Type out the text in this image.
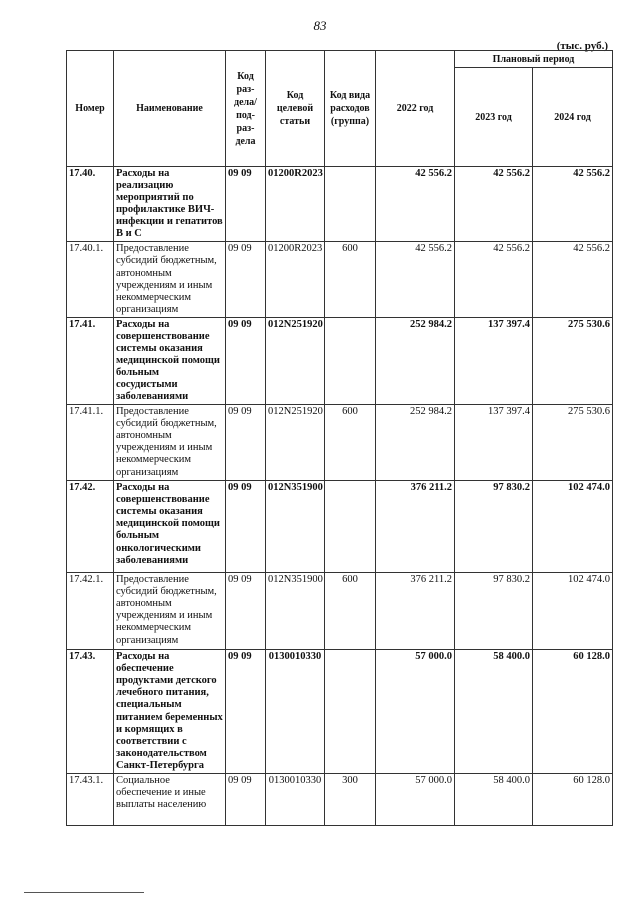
83
(тыс. руб.)
Номер	Наименование	Код раз-дела/ под-раз-дела	Код целевой статьи	Код вида расходов (группа)	2022 год	Плановый период	
						2023 год	2024 год
17.40.	Расходы на реализацию мероприятий по профилактике ВИЧ-инфекции и гепатитов В и С	09 09	01200R2023		42 556.2	42 556.2	42 556.2
17.40.1.	Предоставление субсидий бюджетным, автономным учреждениям и иным некоммерческим организациям	09 09	01200R2023	600	42 556.2	42 556.2	42 556.2
17.41.	Расходы на совершенствование системы оказания медицинской помощи больным сосудистыми заболеваниями	09 09	012N251920		252 984.2	137 397.4	275 530.6
17.41.1.	Предоставление субсидий бюджетным, автономным учреждениям и иным некоммерческим организациям	09 09	012N251920	600	252 984.2	137 397.4	275 530.6
17.42.	Расходы на совершенствование системы оказания медицинской помощи больным онкологическими заболеваниями	09 09	012N351900		376 211.2	97 830.2	102 474.0
17.42.1.	Предоставление субсидий бюджетным, автономным учреждениям и иным некоммерческим организациям	09 09	012N351900	600	376 211.2	97 830.2	102 474.0
17.43.	Расходы на обеспечение продуктами детского лечебного питания, специальным питанием беременных и кормящих в соответствии с законодательством Санкт-Петербурга	09 09	0130010330		57 000.0	58 400.0	60 128.0
17.43.1.	Социальное обеспечение и иные выплаты населению	09 09	0130010330	300	57 000.0	58 400.0	60 128.0
